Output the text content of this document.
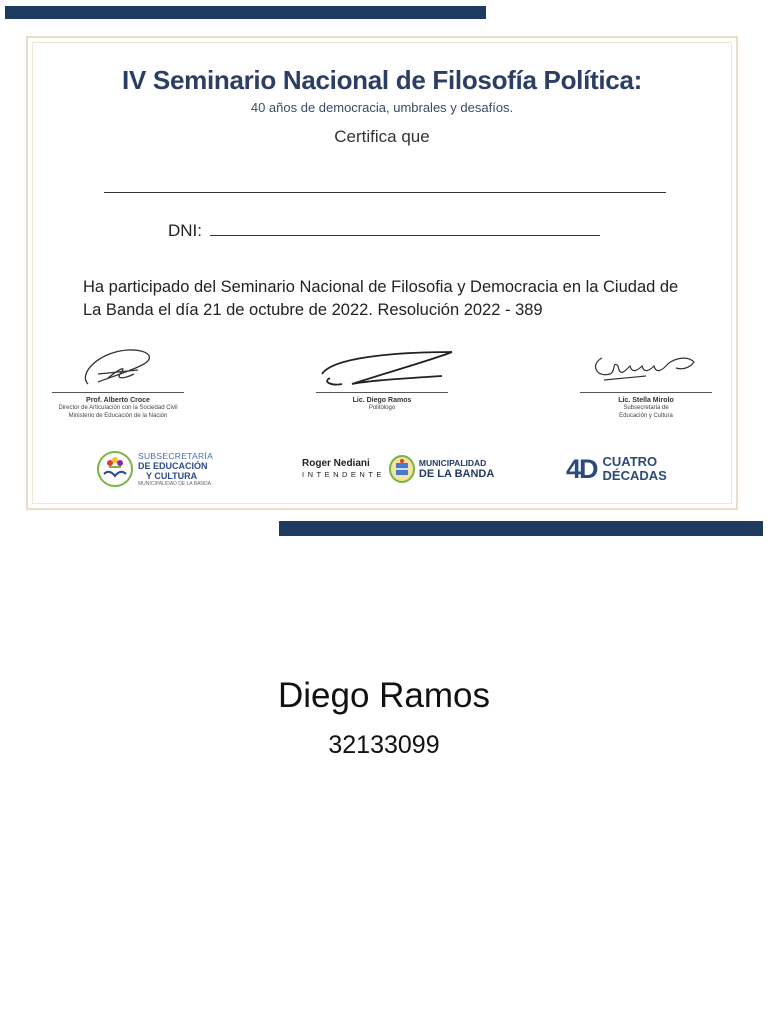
IV Seminario Nacional de Filosofía Política:
40 años de democracia, umbrales y desafíos.
Certifica que
DNI:
Ha participado del Seminario Nacional de Filosofia y Democracia en la Ciudad de La Banda el día 21 de octubre de 2022. Resolución 2022 - 389
Prof. Alberto Croce
Director de Articulación con la Sociedad Civil
Ministerio de Educación de la Nación
Lic. Diego Ramos
Politólogo
Lic. Stella Mirolo
Subsecretaria de
Educación y Cultura
SUBSECRETARÍA
DE EDUCACIÓN
Y CULTURA
MUNICIPALIDAD DE LA BANDA
Roger Nediani
INTENDENTE
MUNICIPALIDAD
DE LA BANDA	4D CUATRO
DÉCADAS
Diego Ramos
32133099
